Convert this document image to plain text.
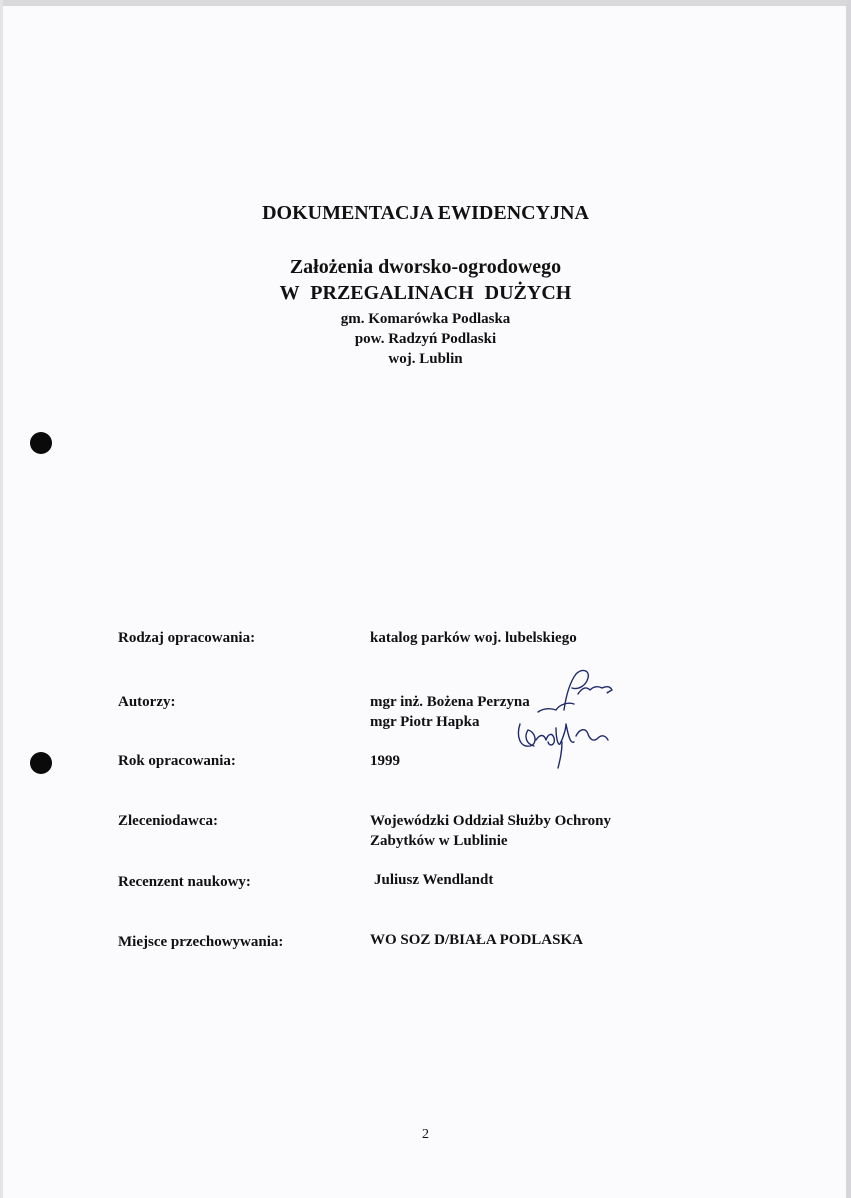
DOKUMENTACJA EWIDENCYJNA
Założenia dworsko-ogrodowego
W PRZEGALINACH DUŻYCH
gm. Komarówka Podlaska
pow. Radzyń Podlaski
woj. Lublin
Rodzaj opracowania:	katalog parków woj. lubelskiego
Autorzy:	mgr inż. Bożena Perzyna
mgr Piotr Hapka
Rok opracowania:	1999
Zleceniodawca:	Wojewódzki Oddział Służby Ochrony
Zabytków w Lublinie
Recenzent naukowy:	Juliusz Wendlandt
Miejsce przechowywania:	WO SOZ D/BIAŁA PODLASKA
2
